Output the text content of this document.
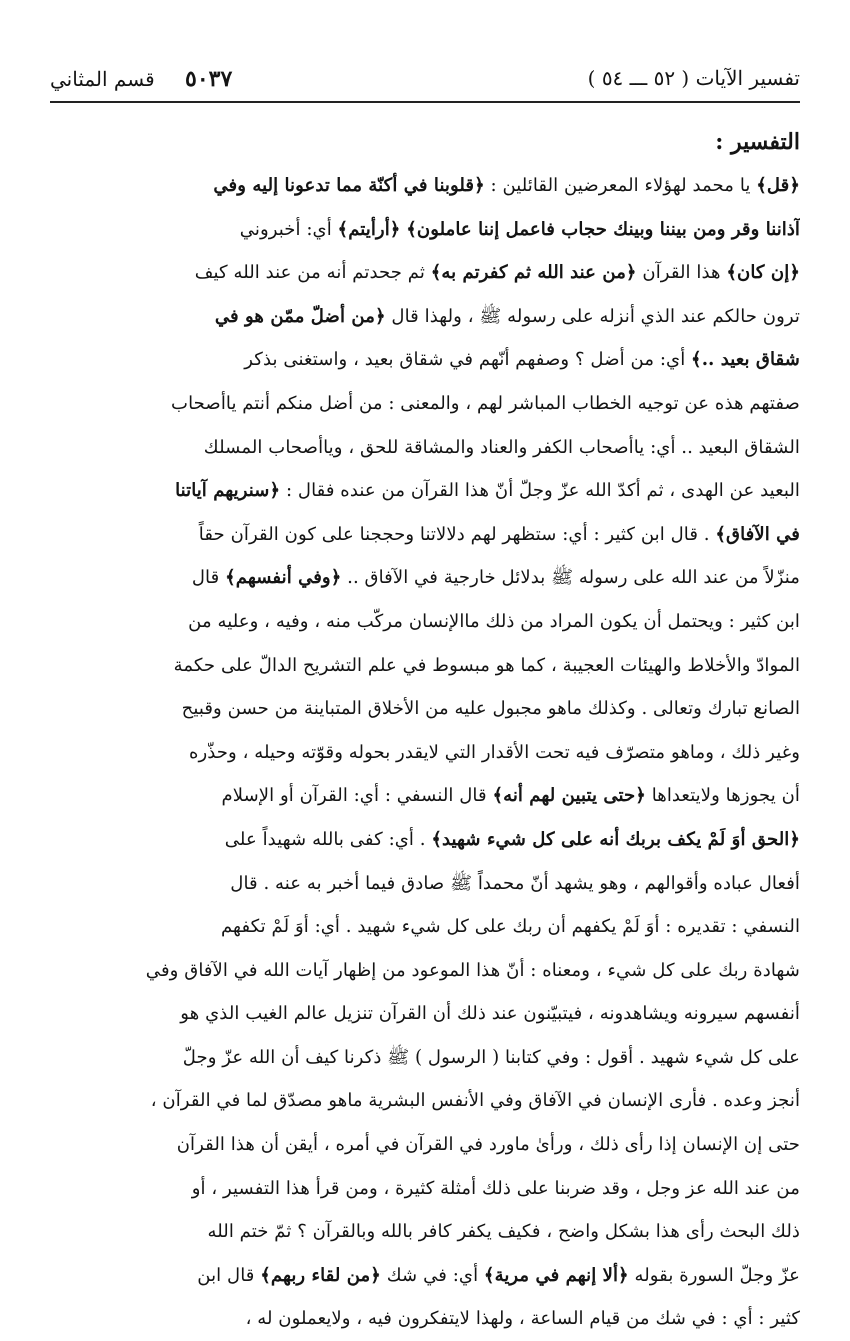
٥٠٣٧ قسم المثاني	تفسير الآيات ( ٥٢ ـــ ٥٤ )
التفسير :
﴿قل﴾ يا محمد لهؤلاء المعرضين القائلين : ﴿قلوبنا في أكنّة مما تدعونا إليه وفي
آذاننا وقر ومن بيننا وبينك حجاب فاعمل إننا عاملون﴾ ﴿أرأيتم﴾ أي: أخبروني
﴿إن كان﴾ هذا القرآن ﴿من عند الله ثم كفرتم به﴾ ثم جحدتم أنه من عند الله كيف
ترون حالكم عند الذي أنزله على رسوله ﷺ ، ولهذا قال ﴿من أضلّ ممّن هو في
شقاق بعيد ..﴾ أي: من أضل ؟ وصفهم أنّهم في شقاق بعيد ، واستغنى بذكر
صفتهم هذه عن توجيه الخطاب المباشر لهم ، والمعنى : من أضل منكم أنتم ياأصحاب
الشقاق البعيد .. أي: ياأصحاب الكفر والعناد والمشاقة للحق ، وياأصحاب المسلك
البعيد عن الهدى ، ثم أكدّ الله عزّ وجلّ أنّ هذا القرآن من عنده فقال : ﴿سنريهم آياتنا
في الآفاق﴾ . قال ابن كثير : أي: ستظهر لهم دلالاتنا وحججنا على كون القرآن حقاً
منزّلاً من عند الله على رسوله ﷺ بدلائل خارجية في الآفاق .. ﴿وفي أنفسهم﴾ قال
ابن كثير : ويحتمل أن يكون المراد من ذلك ماالإنسان مركّب منه ، وفيه ، وعليه من
الموادّ والأخلاط والهيئات العجيبة ، كما هو مبسوط في علم التشريح الدالّ على حكمة
الصانع تبارك وتعالى . وكذلك ماهو مجبول عليه من الأخلاق المتباينة من حسن وقبيح
وغير ذلك ، وماهو متصرّف فيه تحت الأقدار التي لايقدر بحوله وقوّته وحيله ، وحذّره
أن يجوزها ولايتعداها ﴿حتى يتبين لهم أنه﴾ قال النسفي : أي: القرآن أو الإسلام
﴿الحق أوَ لَمْ يكف بربك أنه على كل شيء شهيد﴾ . أي: كفى بالله شهيداً على
أفعال عباده وأقوالهم ، وهو يشهد أنّ محمداً ﷺ صادق فيما أخبر به عنه . قال
النسفي : تقديره : أوَ لَمْ يكفهم أن ربك على كل شيء شهيد . أي: أوَ لَمْ تكفهم
شهادة ربك على كل شيء ، ومعناه : أنّ هذا الموعود من إظهار آيات الله في الآفاق وفي
أنفسهم سيرونه ويشاهدونه ، فيتبيّنون عند ذلك أن القرآن تنزيل عالم الغيب الذي هو
على كل شيء شهيد . أقول : وفي كتابنا ( الرسول ) ﷺ ذكرنا كيف أن الله عزّ وجلّ
أنجز وعده . فأرى الإنسان في الآفاق وفي الأنفس البشرية ماهو مصدّق لما في القرآن ،
حتى إن الإنسان إذا رأى ذلك ، ورأىٰ ماورد في القرآن في أمره ، أيقن أن هذا القرآن
من عند الله عز وجل ، وقد ضربنا على ذلك أمثلة كثيرة ، ومن قرأ هذا التفسير ، أو
ذلك البحث رأى هذا بشكل واضح ، فكيف يكفر كافر بالله وبالقرآن ؟ ثمّ ختم الله
عزّ وجلّ السورة بقوله ﴿ألا إنهم في مرية﴾ أي: في شك ﴿من لقاء ربهم﴾ قال ابن
كثير : أي : في شك من قيام الساعة ، ولهذا لايتفكرون فيه ، ولايعملون له ،
